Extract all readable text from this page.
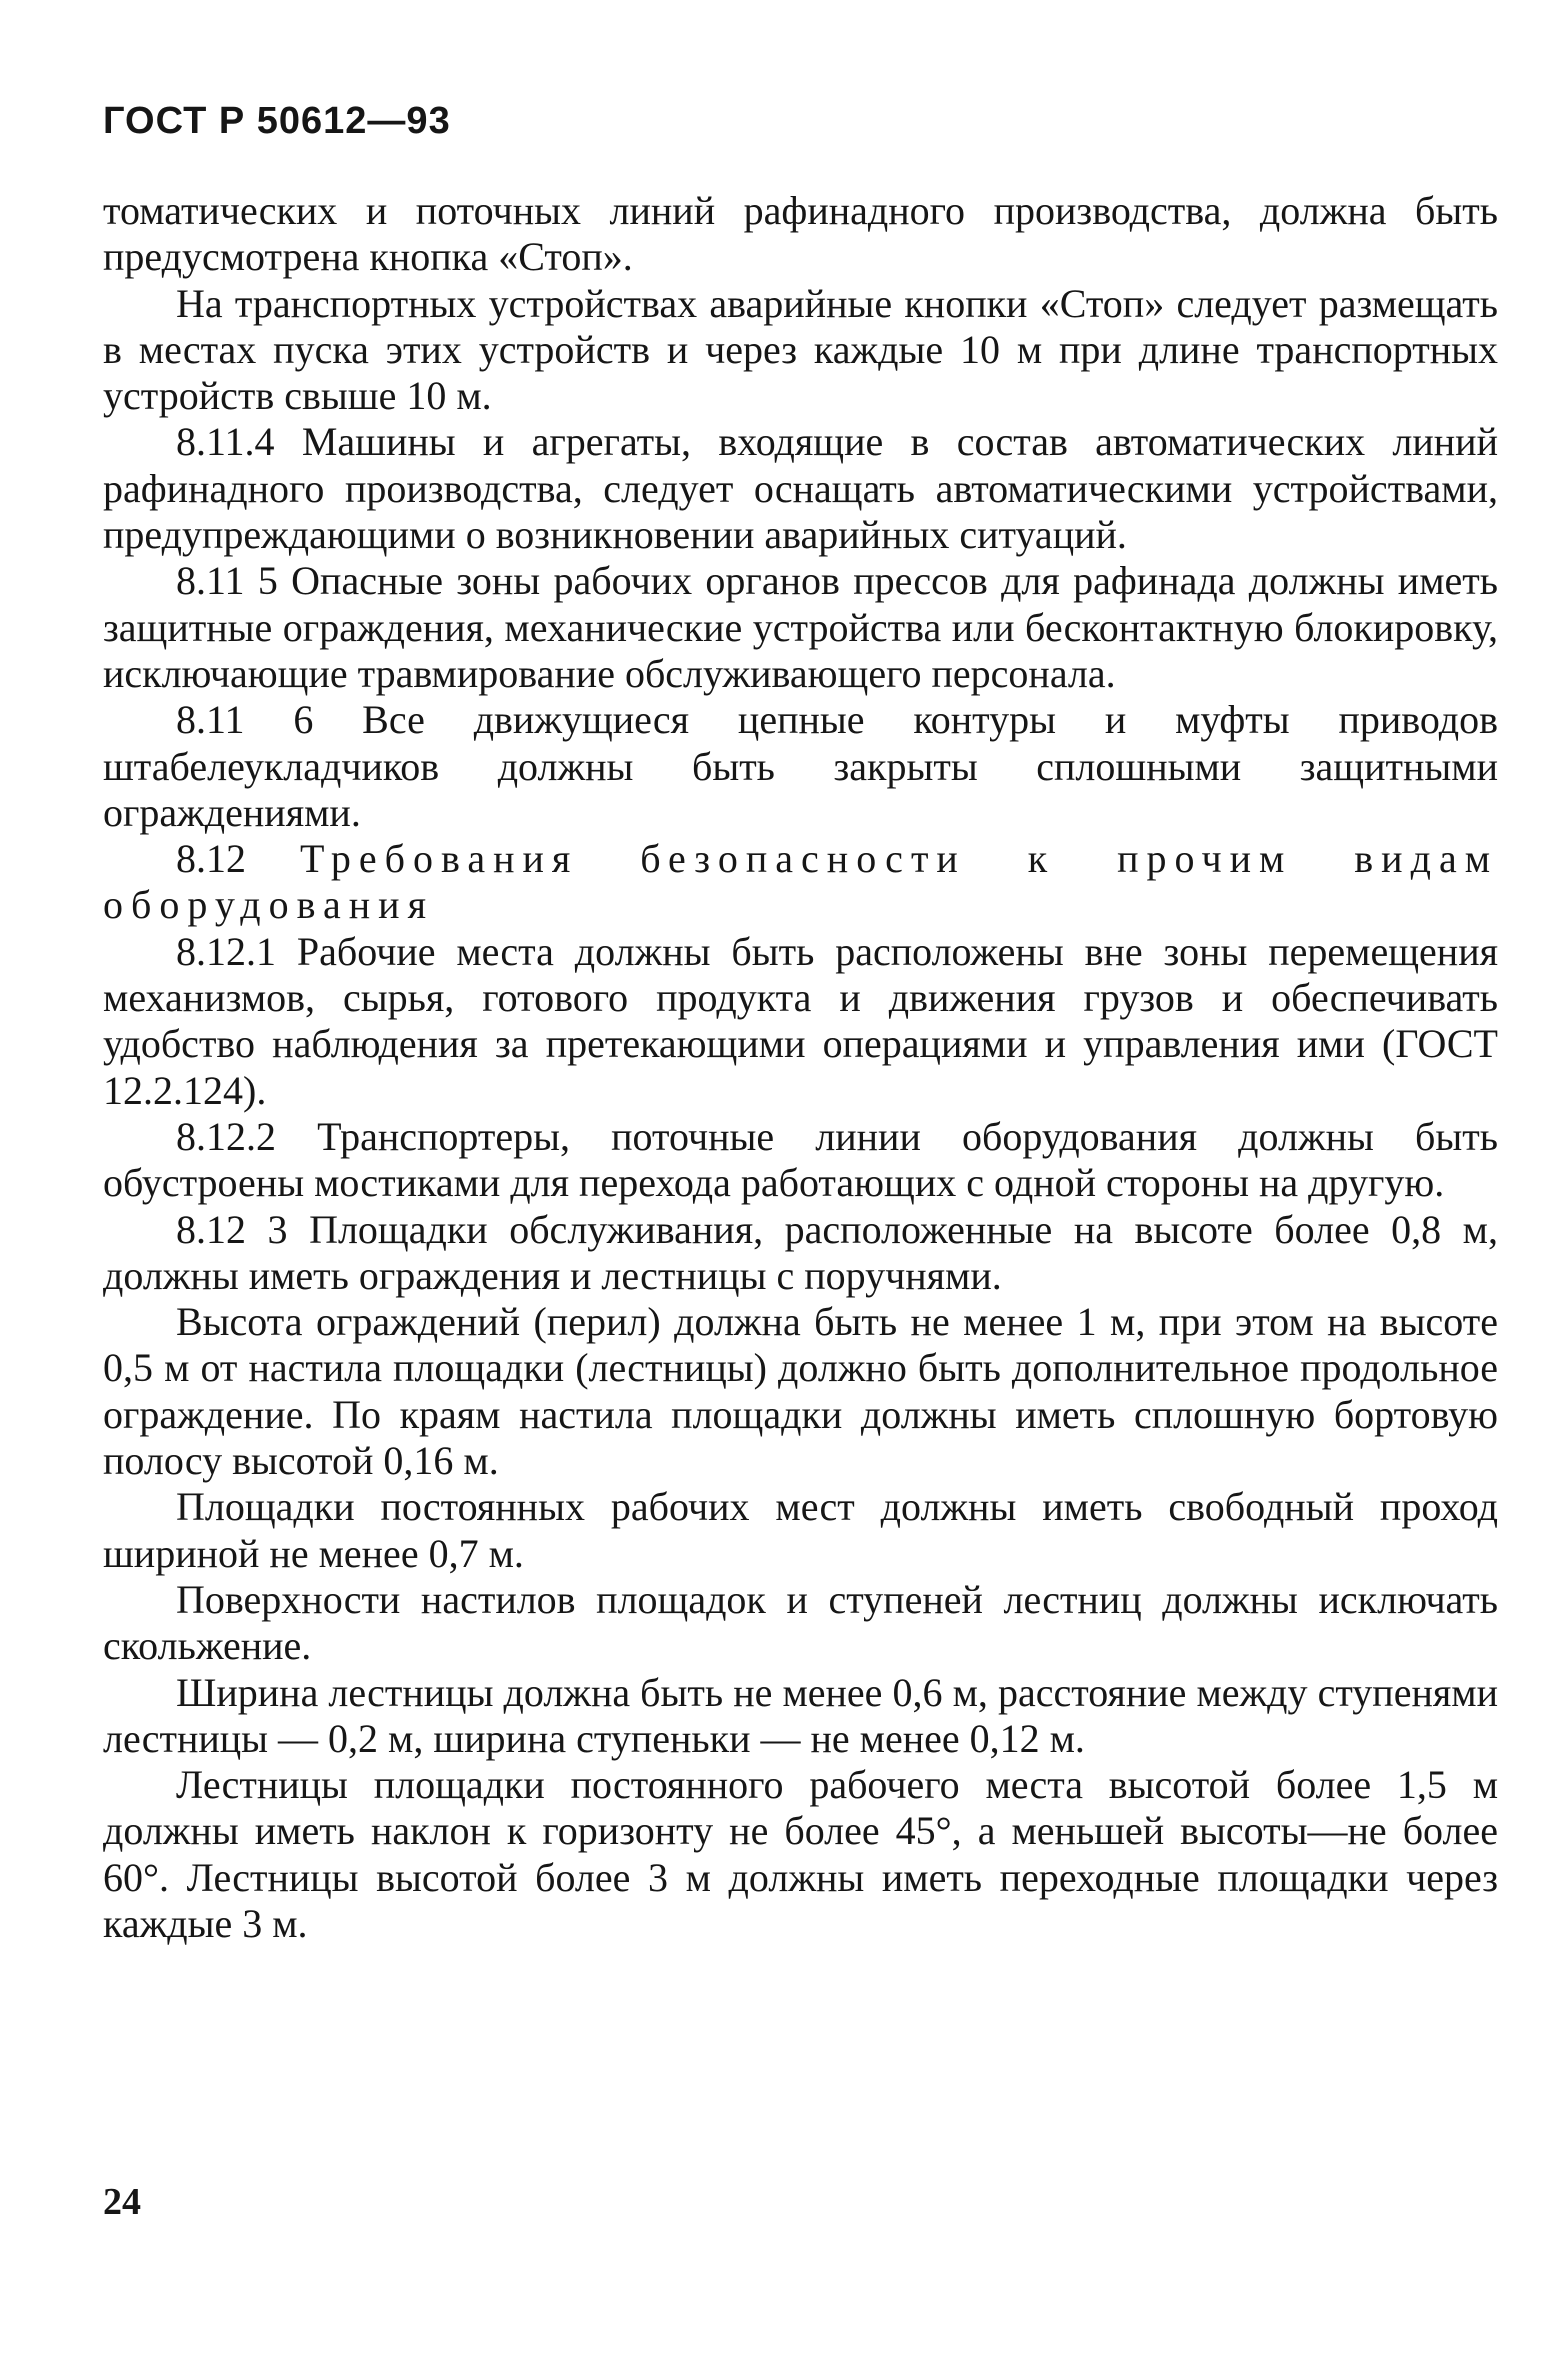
ГОСТ Р 50612—93

томатических и поточных линий рафинадного производства, должна быть предусмотрена кнопка «Стоп».

На транспортных устройствах аварийные кнопки «Стоп» следует размещать в местах пуска этих устройств и через каждые 10 м при длине транспортных устройств свыше 10 м.

8.11.4 Машины и агрегаты, входящие в состав автоматических линий рафинадного производства, следует оснащать автоматическими устройствами, предупреждающими о возникновении аварийных ситуаций.

8.11 5 Опасные зоны рабочих органов прессов для рафинада должны иметь защитные ограждения, механические устройства или бесконтактную блокировку, исключающие травмирование обслуживающего персонала.

8.11 6 Все движущиеся цепные контуры и муфты приводов штабелеукладчиков должны быть закрыты сплошными защитными ограждениями.

8.12 Требования безопасности к прочим видам оборудования

8.12.1 Рабочие места должны быть расположены вне зоны перемещения механизмов, сырья, готового продукта и движения грузов и обеспечивать удобство наблюдения за претекающими операциями и управления ими (ГОСТ 12.2.124).

8.12.2 Транспортеры, поточные линии оборудования должны быть обустроены мостиками для перехода работающих с одной стороны на другую.

8.12 3 Площадки обслуживания, расположенные на высоте более 0,8 м, должны иметь ограждения и лестницы с поручнями.

Высота ограждений (перил) должна быть не менее 1 м, при этом на высоте 0,5 м от настила площадки (лестницы) должно быть дополнительное продольное ограждение. По краям настила площадки должны иметь сплошную бортовую полосу высотой 0,16 м.

Площадки постоянных рабочих мест должны иметь свободный проход шириной не менее 0,7 м.

Поверхности настилов площадок и ступеней лестниц должны исключать скольжение.

Ширина лестницы должна быть не менее 0,6 м, расстояние между ступенями лестницы — 0,2 м, ширина ступеньки — не менее 0,12 м.

Лестницы площадки постоянного рабочего места высотой более 1,5 м должны иметь наклон к горизонту не более 45°, а меньшей высоты—не более 60°. Лестницы высотой более 3 м должны иметь переходные площадки через каждые 3 м.

24
